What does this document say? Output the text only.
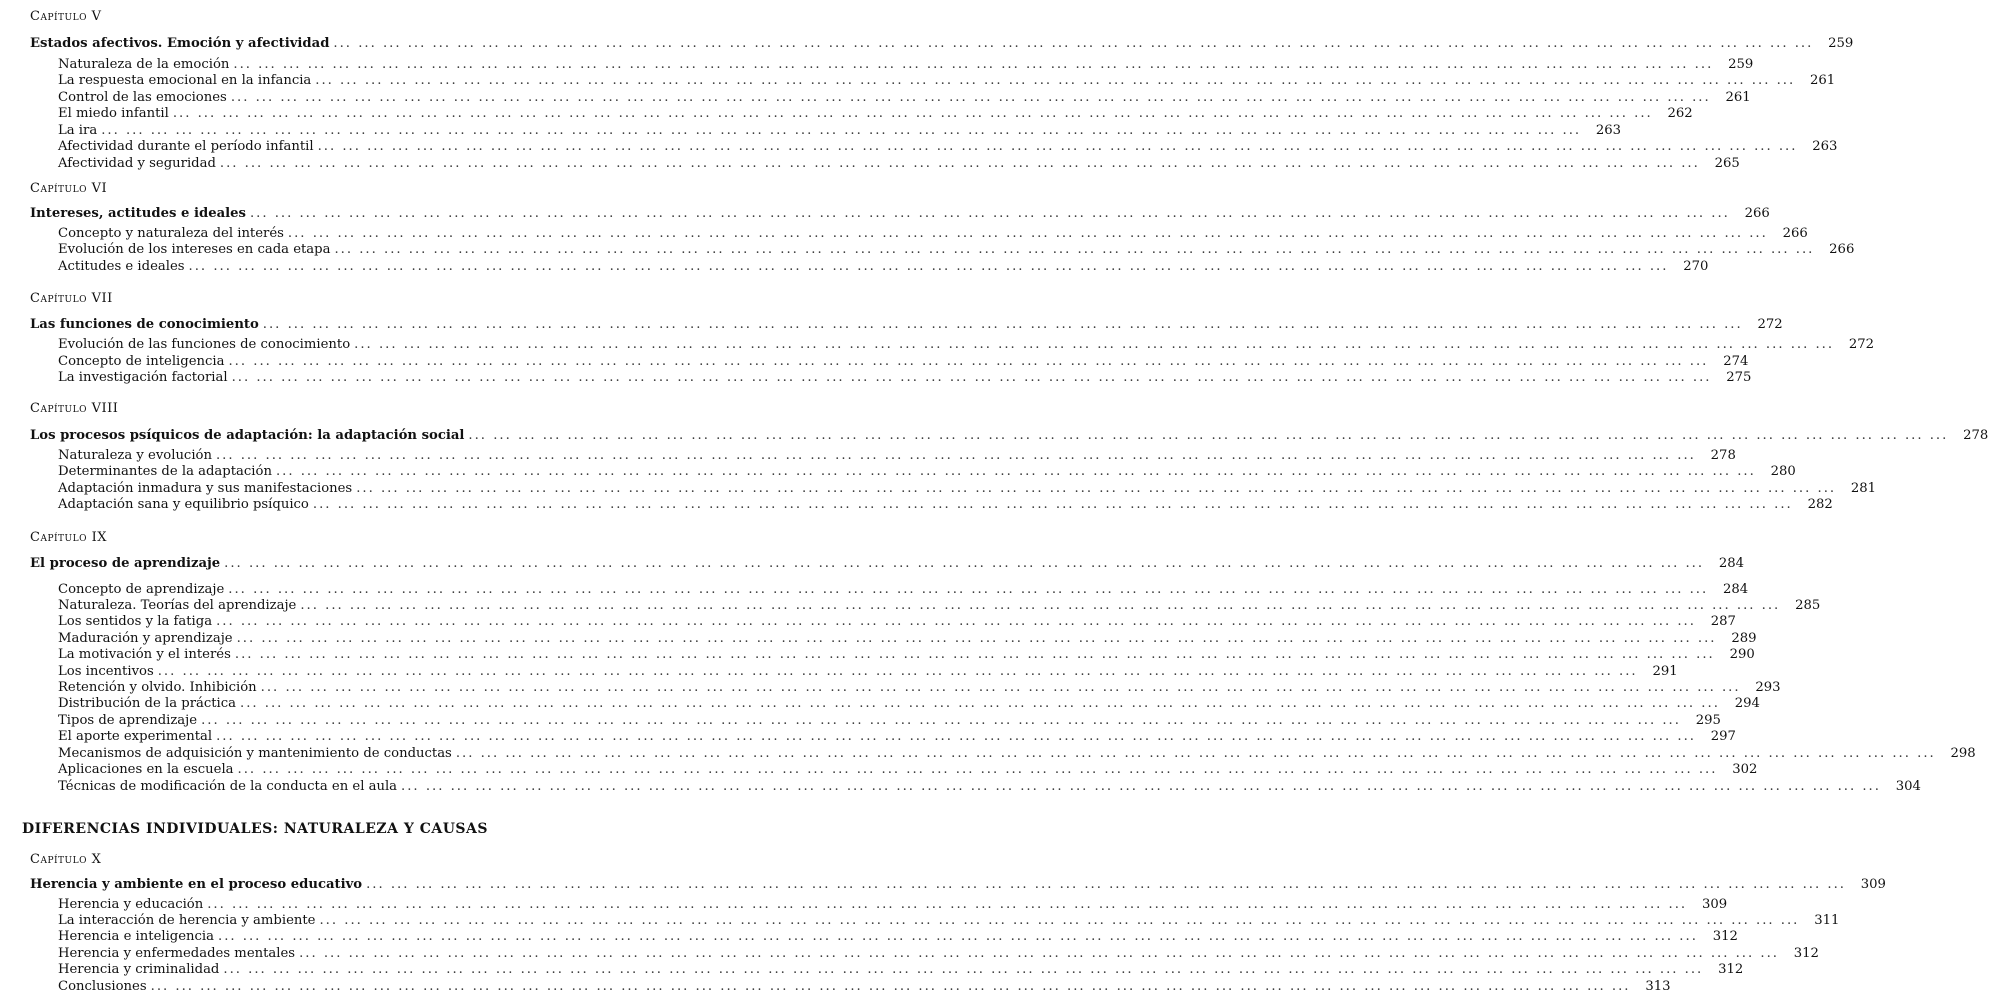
Capítulo V
Estados afectivos. Emoción y afectividad ... ... ... ... ... ... ... ... ... ... ... ... ... ... ... ... ... ... ... ... ... ... ... ... ... ... ... ... ... ... ... ... ... ... ... ... ... ... ... ... ... ... ... ... ... ... ... ... ... ... ... ... ... ... ... ... ... ... ... ...	259
Naturaleza de la emoción ... ... ... ... ... ... ... ... ... ... ... ... ... ... ... ... ... ... ... ... ... ... ... ... ... ... ... ... ... ... ... ... ... ... ... ... ... ... ... ... ... ... ... ... ... ... ... ... ... ... ... ... ... ... ... ... ... ... ... ...	259
La respuesta emocional en la infancia ... ... ... ... ... ... ... ... ... ... ... ... ... ... ... ... ... ... ... ... ... ... ... ... ... ... ... ... ... ... ... ... ... ... ... ... ... ... ... ... ... ... ... ... ... ... ... ... ... ... ... ... ... ... ... ... ... ... ... ...	261
Control de las emociones ... ... ... ... ... ... ... ... ... ... ... ... ... ... ... ... ... ... ... ... ... ... ... ... ... ... ... ... ... ... ... ... ... ... ... ... ... ... ... ... ... ... ... ... ... ... ... ... ... ... ... ... ... ... ... ... ... ... ... ...	261
El miedo infantil ... ... ... ... ... ... ... ... ... ... ... ... ... ... ... ... ... ... ... ... ... ... ... ... ... ... ... ... ... ... ... ... ... ... ... ... ... ... ... ... ... ... ... ... ... ... ... ... ... ... ... ... ... ... ... ... ... ... ... ...	262
La ira ... ... ... ... ... ... ... ... ... ... ... ... ... ... ... ... ... ... ... ... ... ... ... ... ... ... ... ... ... ... ... ... ... ... ... ... ... ... ... ... ... ... ... ... ... ... ... ... ... ... ... ... ... ... ... ... ... ... ... ...	263
Afectividad durante el período infantil ... ... ... ... ... ... ... ... ... ... ... ... ... ... ... ... ... ... ... ... ... ... ... ... ... ... ... ... ... ... ... ... ... ... ... ... ... ... ... ... ... ... ... ... ... ... ... ... ... ... ... ... ... ... ... ... ... ... ... ...	263
Afectividad y seguridad ... ... ... ... ... ... ... ... ... ... ... ... ... ... ... ... ... ... ... ... ... ... ... ... ... ... ... ... ... ... ... ... ... ... ... ... ... ... ... ... ... ... ... ... ... ... ... ... ... ... ... ... ... ... ... ... ... ... ... ...	265
Capítulo VI
Intereses, actitudes e ideales ... ... ... ... ... ... ... ... ... ... ... ... ... ... ... ... ... ... ... ... ... ... ... ... ... ... ... ... ... ... ... ... ... ... ... ... ... ... ... ... ... ... ... ... ... ... ... ... ... ... ... ... ... ... ... ... ... ... ... ...	266
Concepto y naturaleza del interés ... ... ... ... ... ... ... ... ... ... ... ... ... ... ... ... ... ... ... ... ... ... ... ... ... ... ... ... ... ... ... ... ... ... ... ... ... ... ... ... ... ... ... ... ... ... ... ... ... ... ... ... ... ... ... ... ... ... ... ...	266
Evolución de los intereses en cada etapa ... ... ... ... ... ... ... ... ... ... ... ... ... ... ... ... ... ... ... ... ... ... ... ... ... ... ... ... ... ... ... ... ... ... ... ... ... ... ... ... ... ... ... ... ... ... ... ... ... ... ... ... ... ... ... ... ... ... ... ...	266
Actitudes e ideales ... ... ... ... ... ... ... ... ... ... ... ... ... ... ... ... ... ... ... ... ... ... ... ... ... ... ... ... ... ... ... ... ... ... ... ... ... ... ... ... ... ... ... ... ... ... ... ... ... ... ... ... ... ... ... ... ... ... ... ...	270
Capítulo VII
Las funciones de conocimiento ... ... ... ... ... ... ... ... ... ... ... ... ... ... ... ... ... ... ... ... ... ... ... ... ... ... ... ... ... ... ... ... ... ... ... ... ... ... ... ... ... ... ... ... ... ... ... ... ... ... ... ... ... ... ... ... ... ... ... ...	272
Evolución de las funciones de conocimiento ... ... ... ... ... ... ... ... ... ... ... ... ... ... ... ... ... ... ... ... ... ... ... ... ... ... ... ... ... ... ... ... ... ... ... ... ... ... ... ... ... ... ... ... ... ... ... ... ... ... ... ... ... ... ... ... ... ... ... ...	272
Concepto de inteligencia ... ... ... ... ... ... ... ... ... ... ... ... ... ... ... ... ... ... ... ... ... ... ... ... ... ... ... ... ... ... ... ... ... ... ... ... ... ... ... ... ... ... ... ... ... ... ... ... ... ... ... ... ... ... ... ... ... ... ... ...	274
La investigación factorial ... ... ... ... ... ... ... ... ... ... ... ... ... ... ... ... ... ... ... ... ... ... ... ... ... ... ... ... ... ... ... ... ... ... ... ... ... ... ... ... ... ... ... ... ... ... ... ... ... ... ... ... ... ... ... ... ... ... ... ...	275
Capítulo VIII
Los procesos psíquicos de adaptación: la adaptación social ... ... ... ... ... ... ... ... ... ... ... ... ... ... ... ... ... ... ... ... ... ... ... ... ... ... ... ... ... ... ... ... ... ... ... ... ... ... ... ... ... ... ... ... ... ... ... ... ... ... ... ... ... ... ... ... ... ... ... ...	278
Naturaleza y evolución ... ... ... ... ... ... ... ... ... ... ... ... ... ... ... ... ... ... ... ... ... ... ... ... ... ... ... ... ... ... ... ... ... ... ... ... ... ... ... ... ... ... ... ... ... ... ... ... ... ... ... ... ... ... ... ... ... ... ... ...	278
Determinantes de la adaptación ... ... ... ... ... ... ... ... ... ... ... ... ... ... ... ... ... ... ... ... ... ... ... ... ... ... ... ... ... ... ... ... ... ... ... ... ... ... ... ... ... ... ... ... ... ... ... ... ... ... ... ... ... ... ... ... ... ... ... ...	280
Adaptación inmadura y sus manifestaciones ... ... ... ... ... ... ... ... ... ... ... ... ... ... ... ... ... ... ... ... ... ... ... ... ... ... ... ... ... ... ... ... ... ... ... ... ... ... ... ... ... ... ... ... ... ... ... ... ... ... ... ... ... ... ... ... ... ... ... ...	281
Adaptación sana y equilibrio psíquico ... ... ... ... ... ... ... ... ... ... ... ... ... ... ... ... ... ... ... ... ... ... ... ... ... ... ... ... ... ... ... ... ... ... ... ... ... ... ... ... ... ... ... ... ... ... ... ... ... ... ... ... ... ... ... ... ... ... ... ...	282
Capítulo IX
El proceso de aprendizaje ... ... ... ... ... ... ... ... ... ... ... ... ... ... ... ... ... ... ... ... ... ... ... ... ... ... ... ... ... ... ... ... ... ... ... ... ... ... ... ... ... ... ... ... ... ... ... ... ... ... ... ... ... ... ... ... ... ... ... ...	284
Concepto de aprendizaje ... ... ... ... ... ... ... ... ... ... ... ... ... ... ... ... ... ... ... ... ... ... ... ... ... ... ... ... ... ... ... ... ... ... ... ... ... ... ... ... ... ... ... ... ... ... ... ... ... ... ... ... ... ... ... ... ... ... ... ...	284
Naturaleza. Teorías del aprendizaje ... ... ... ... ... ... ... ... ... ... ... ... ... ... ... ... ... ... ... ... ... ... ... ... ... ... ... ... ... ... ... ... ... ... ... ... ... ... ... ... ... ... ... ... ... ... ... ... ... ... ... ... ... ... ... ... ... ... ... ...	285
Los sentidos y la fatiga ... ... ... ... ... ... ... ... ... ... ... ... ... ... ... ... ... ... ... ... ... ... ... ... ... ... ... ... ... ... ... ... ... ... ... ... ... ... ... ... ... ... ... ... ... ... ... ... ... ... ... ... ... ... ... ... ... ... ... ...	287
Maduración y aprendizaje ... ... ... ... ... ... ... ... ... ... ... ... ... ... ... ... ... ... ... ... ... ... ... ... ... ... ... ... ... ... ... ... ... ... ... ... ... ... ... ... ... ... ... ... ... ... ... ... ... ... ... ... ... ... ... ... ... ... ... ...	289
La motivación y el interés ... ... ... ... ... ... ... ... ... ... ... ... ... ... ... ... ... ... ... ... ... ... ... ... ... ... ... ... ... ... ... ... ... ... ... ... ... ... ... ... ... ... ... ... ... ... ... ... ... ... ... ... ... ... ... ... ... ... ... ...	290
Los incentivos ... ... ... ... ... ... ... ... ... ... ... ... ... ... ... ... ... ... ... ... ... ... ... ... ... ... ... ... ... ... ... ... ... ... ... ... ... ... ... ... ... ... ... ... ... ... ... ... ... ... ... ... ... ... ... ... ... ... ... ...	291
Retención y olvido. Inhibición ... ... ... ... ... ... ... ... ... ... ... ... ... ... ... ... ... ... ... ... ... ... ... ... ... ... ... ... ... ... ... ... ... ... ... ... ... ... ... ... ... ... ... ... ... ... ... ... ... ... ... ... ... ... ... ... ... ... ... ...	293
Distribución de la práctica ... ... ... ... ... ... ... ... ... ... ... ... ... ... ... ... ... ... ... ... ... ... ... ... ... ... ... ... ... ... ... ... ... ... ... ... ... ... ... ... ... ... ... ... ... ... ... ... ... ... ... ... ... ... ... ... ... ... ... ...	294
Tipos de aprendizaje ... ... ... ... ... ... ... ... ... ... ... ... ... ... ... ... ... ... ... ... ... ... ... ... ... ... ... ... ... ... ... ... ... ... ... ... ... ... ... ... ... ... ... ... ... ... ... ... ... ... ... ... ... ... ... ... ... ... ... ...	295
El aporte experimental ... ... ... ... ... ... ... ... ... ... ... ... ... ... ... ... ... ... ... ... ... ... ... ... ... ... ... ... ... ... ... ... ... ... ... ... ... ... ... ... ... ... ... ... ... ... ... ... ... ... ... ... ... ... ... ... ... ... ... ...	297
Mecanismos de adquisición y mantenimiento de conductas ... ... ... ... ... ... ... ... ... ... ... ... ... ... ... ... ... ... ... ... ... ... ... ... ... ... ... ... ... ... ... ... ... ... ... ... ... ... ... ... ... ... ... ... ... ... ... ... ... ... ... ... ... ... ... ... ... ... ... ...	298
Aplicaciones en la escuela ... ... ... ... ... ... ... ... ... ... ... ... ... ... ... ... ... ... ... ... ... ... ... ... ... ... ... ... ... ... ... ... ... ... ... ... ... ... ... ... ... ... ... ... ... ... ... ... ... ... ... ... ... ... ... ... ... ... ... ...	302
Técnicas de modificación de la conducta en el aula ... ... ... ... ... ... ... ... ... ... ... ... ... ... ... ... ... ... ... ... ... ... ... ... ... ... ... ... ... ... ... ... ... ... ... ... ... ... ... ... ... ... ... ... ... ... ... ... ... ... ... ... ... ... ... ... ... ... ... ...	304
DIFERENCIAS INDIVIDUALES: NATURALEZA Y CAUSAS
Capítulo X
Herencia y ambiente en el proceso educativo ... ... ... ... ... ... ... ... ... ... ... ... ... ... ... ... ... ... ... ... ... ... ... ... ... ... ... ... ... ... ... ... ... ... ... ... ... ... ... ... ... ... ... ... ... ... ... ... ... ... ... ... ... ... ... ... ... ... ... ...	309
Herencia y educación ... ... ... ... ... ... ... ... ... ... ... ... ... ... ... ... ... ... ... ... ... ... ... ... ... ... ... ... ... ... ... ... ... ... ... ... ... ... ... ... ... ... ... ... ... ... ... ... ... ... ... ... ... ... ... ... ... ... ... ...	309
La interacción de herencia y ambiente ... ... ... ... ... ... ... ... ... ... ... ... ... ... ... ... ... ... ... ... ... ... ... ... ... ... ... ... ... ... ... ... ... ... ... ... ... ... ... ... ... ... ... ... ... ... ... ... ... ... ... ... ... ... ... ... ... ... ... ...	311
Herencia e inteligencia ... ... ... ... ... ... ... ... ... ... ... ... ... ... ... ... ... ... ... ... ... ... ... ... ... ... ... ... ... ... ... ... ... ... ... ... ... ... ... ... ... ... ... ... ... ... ... ... ... ... ... ... ... ... ... ... ... ... ... ...	312
Herencia y enfermedades mentales ... ... ... ... ... ... ... ... ... ... ... ... ... ... ... ... ... ... ... ... ... ... ... ... ... ... ... ... ... ... ... ... ... ... ... ... ... ... ... ... ... ... ... ... ... ... ... ... ... ... ... ... ... ... ... ... ... ... ... ...	312
Herencia y criminalidad ... ... ... ... ... ... ... ... ... ... ... ... ... ... ... ... ... ... ... ... ... ... ... ... ... ... ... ... ... ... ... ... ... ... ... ... ... ... ... ... ... ... ... ... ... ... ... ... ... ... ... ... ... ... ... ... ... ... ... ...	312
Conclusiones ... ... ... ... ... ... ... ... ... ... ... ... ... ... ... ... ... ... ... ... ... ... ... ... ... ... ... ... ... ... ... ... ... ... ... ... ... ... ... ... ... ... ... ... ... ... ... ... ... ... ... ... ... ... ... ... ... ... ... ...	313
